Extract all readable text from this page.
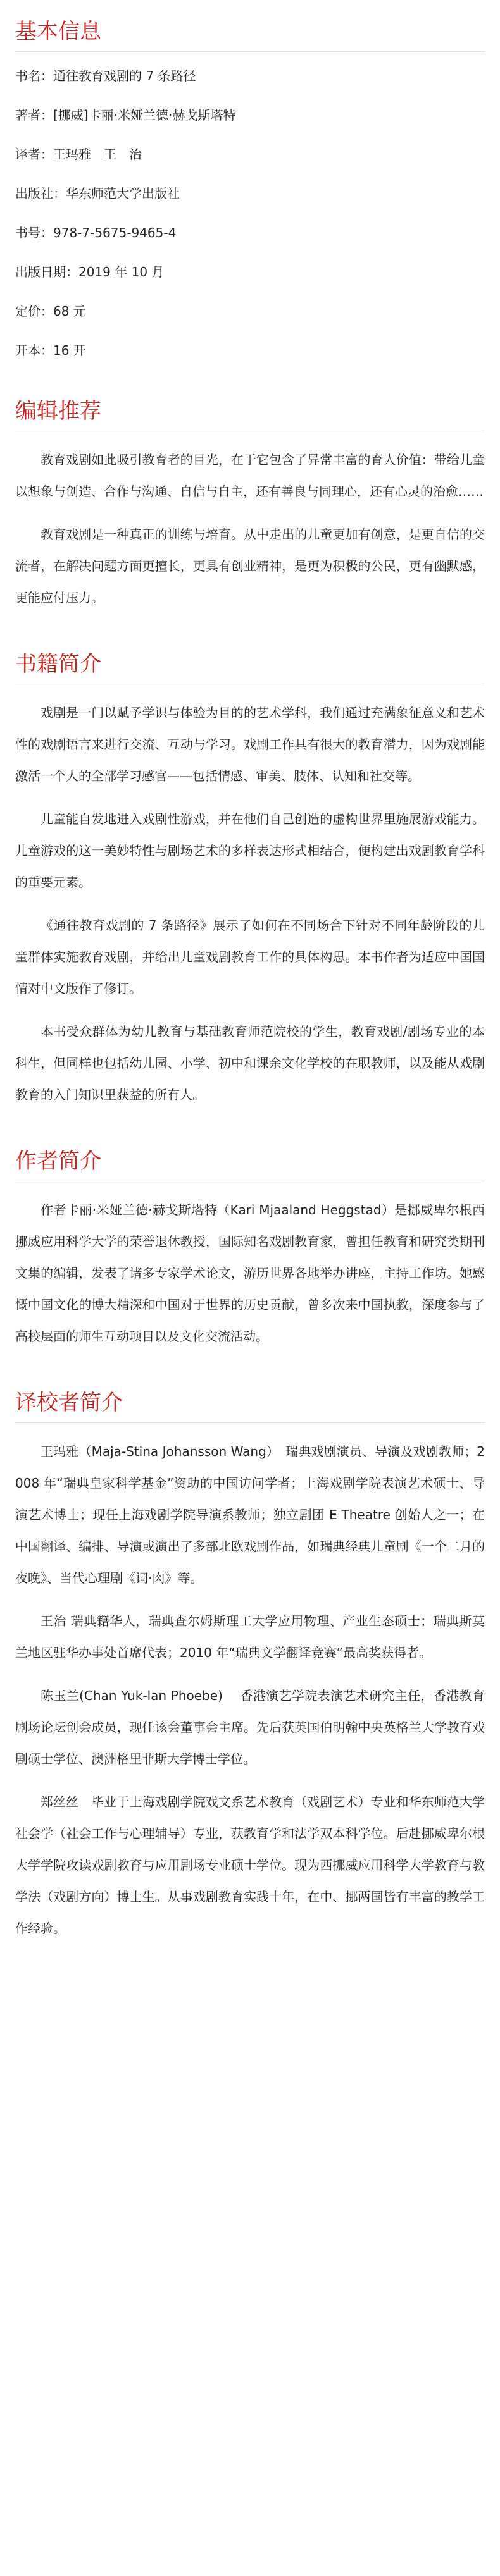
基本信息
书名：通往教育戏剧的 7 条路径
著者：[挪威]卡丽·米娅兰德·赫戈斯塔特
译者：王玛雅　王　治
出版社：华东师范大学出版社
书号：978-7-5675-9465-4
出版日期：2019 年 10 月
定价：68 元
开本：16 开
编辑推荐

教育戏剧如此吸引教育者的目光，在于它包含了异常丰富的育人价值：带给儿童以想象与创造、合作与沟通、自信与自主，还有善良与同理心，还有心灵的治愈……

教育戏剧是一种真正的训练与培育。从中走出的儿童更加有创意，是更自信的交流者，在解决问题方面更擅长，更具有创业精神，是更为积极的公民，更有幽默感，更能应付压力。

书籍简介

戏剧是一门以赋予学识与体验为目的的艺术学科，我们通过充满象征意义和艺术性的戏剧语言来进行交流、互动与学习。戏剧工作具有很大的教育潜力，因为戏剧能激活一个人的全部学习感官——包括情感、审美、肢体、认知和社交等。

儿童能自发地进入戏剧性游戏，并在他们自己创造的虚构世界里施展游戏能力。儿童游戏的这一美妙特性与剧场艺术的多样表达形式相结合，便构建出戏剧教育学科的重要元素。

《通往教育戏剧的 7 条路径》展示了如何在不同场合下针对不同年龄阶段的儿童群体实施教育戏剧，并给出儿童戏剧教育工作的具体构思。本书作者为适应中国国情对中文版作了修订。

本书受众群体为幼儿教育与基础教育师范院校的学生，教育戏剧/剧场专业的本科生，但同样也包括幼儿园、小学、初中和课余文化学校的在职教师，以及能从戏剧教育的入门知识里获益的所有人。

作者简介

作者卡丽·米娅兰德·赫戈斯塔特（Kari Mjaaland Heggstad）是挪威卑尔根西挪威应用科学大学的荣誉退休教授，国际知名戏剧教育家，曾担任教育和研究类期刊文集的编辑，发表了诸多专家学术论文，游历世界各地举办讲座，主持工作坊。她感慨中国文化的博大精深和中国对于世界的历史贡献，曾多次来中国执教，深度参与了高校层面的师生互动项目以及文化交流活动。

译校者简介

王玛雅（Maja-Stina Johansson Wang）　瑞典戏剧演员、导演及戏剧教师；2008 年“瑞典皇家科学基金”资助的中国访问学者；上海戏剧学院表演艺术硕士、导演艺术博士；现任上海戏剧学院导演系教师；独立剧团 E Theatre 创始人之一；在中国翻译、编排、导演或演出了多部北欧戏剧作品，如瑞典经典儿童剧《一个二月的夜晚》、当代心理剧《词·肉》等。

王治 瑞典籍华人，瑞典查尔姆斯理工大学应用物理、产业生态硕士；瑞典斯莫兰地区驻华办事处首席代表；2010 年“瑞典文学翻译竞赛”最高奖获得者。

陈玉兰(Chan Yuk-lan Phoebe)　 香港演艺学院表演艺术研究主任，香港教育剧场论坛创会成员，现任该会董事会主席。先后获英国伯明翰中央英格兰大学教育戏剧硕士学位、澳洲格里菲斯大学博士学位。

郑丝丝　毕业于上海戏剧学院戏文系艺术教育（戏剧艺术）专业和华东师范大学社会学（社会工作与心理辅导）专业，获教育学和法学双本科学位。后赴挪威卑尔根大学学院攻读戏剧教育与应用剧场专业硕士学位。现为西挪威应用科学大学教育与教学法（戏剧方向）博士生。从事戏剧教育实践十年，在中、挪两国皆有丰富的教学工作经验。
